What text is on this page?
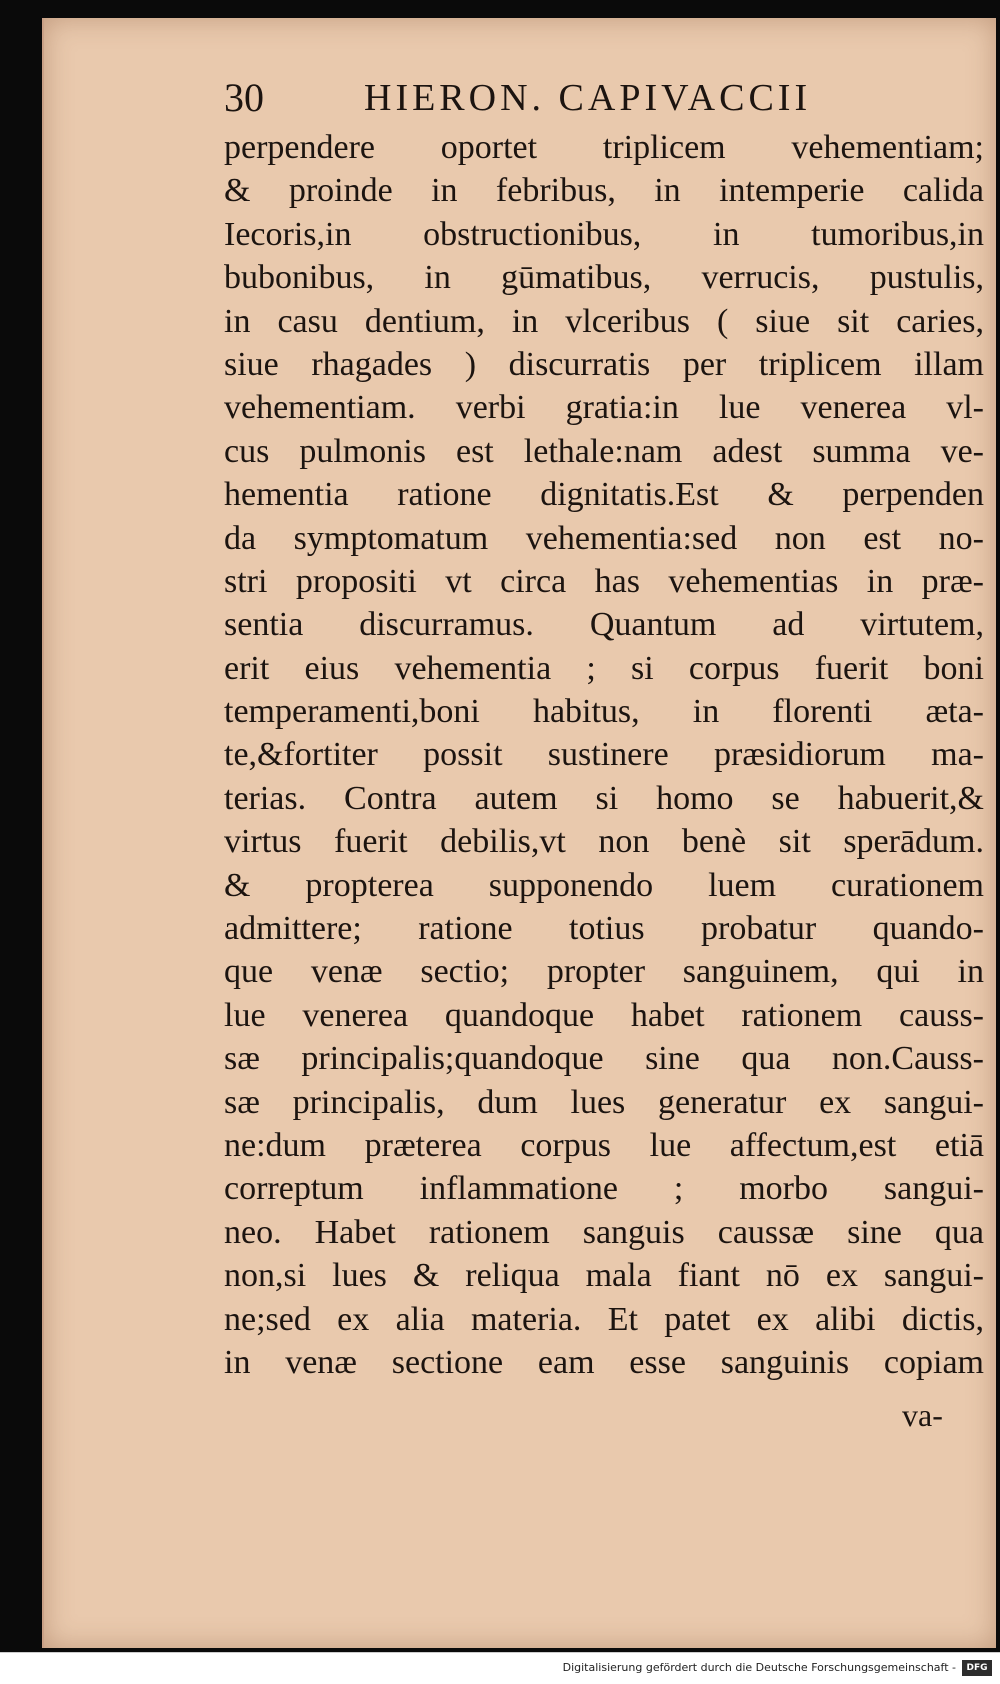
30	HIERON. CAPIVACCII
perpendere oportet triplicem vehementiam;
& proinde in febribus, in intemperie calida
Iecoris,in obstructionibus, in tumoribus,in
bubonibus, in gūmatibus, verrucis, pustulis,
in casu dentium, in vlceribus ( siue sit caries,
siue rhagades ) discurratis per triplicem illam
vehementiam. verbi gratia:in lue venerea vl-
cus pulmonis est lethale:nam adest summa ve-
hementia ratione dignitatis.Est & perpenden
da symptomatum vehementia:sed non est no-
stri propositi vt circa has vehementias in præ-
sentia discurramus. Quantum ad virtutem,
erit eius vehementia ; si corpus fuerit boni
temperamenti,boni habitus, in florenti æta-
te,&fortiter possit sustinere præsidiorum ma-
terias. Contra autem si homo se habuerit,&
virtus fuerit debilis,vt non benè sit sperādum.
& propterea supponendo luem curationem
admittere; ratione totius probatur quando-
que venæ sectio; propter sanguinem, qui in
lue venerea quandoque habet rationem causs-
sæ principalis;quandoque sine qua non.Causs-
sæ principalis, dum lues generatur ex sangui-
ne:dum præterea corpus lue affectum,est etiā
correptum inflammatione ; morbo sangui-
neo. Habet rationem sanguis caussæ sine qua
non,si lues & reliqua mala fiant nō ex sangui-
ne;sed ex alia materia. Et patet ex alibi dictis,
in venæ sectione eam esse sanguinis copiam
va-
Digitalisierung gefördert durch die Deutsche Forschungsgemeinschaft -	DFG
